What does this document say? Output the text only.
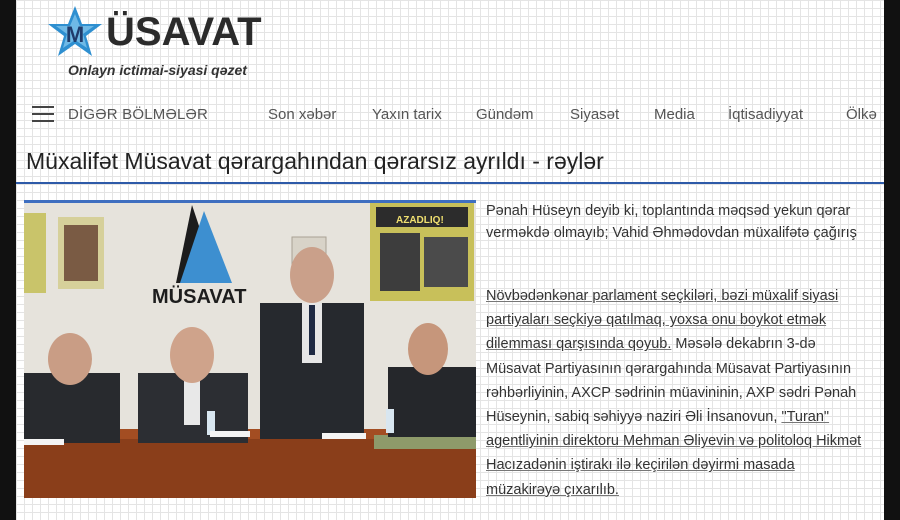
M ÜSAVAT
Onlayn ictimai-siyasi qəzet
DİGƏR BÖLMƏLƏR	Son xəbər Yaxın tarix Gündəm Siyasət Media İqtisadiyyat	Ölkə
Müxalifət Müsavat qərargahından qərarsız ayrıldı - rəylər
AZADLIQ!
MÜSAVAT
Pənah Hüseyn deyib ki, toplantında məqsəd yekun qərar verməkdə olmayıb; Vahid Əhmədovdan müxalifətə çağırış
Növbədənkənar parlament seçkiləri, bəzi müxalif siyasi partiyaları seçkiyə qatılmaq, yoxsa onu boykot etmək dilemması qarşısında qoyub. Məsələ dekabrın 3-də Müsavat Partiyasının qərargahında Müsavat Partiyasının rəhbərliyinin, AXCP sədrinin müavininin, AXP sədri Pənah Hüseynin, sabiq səhiyyə naziri Əli İnsanovun, "Turan" agentliyinin direktoru Mehman Əliyevin və politoloq Hikmət Hacızadənin iştirakı ilə keçirilən dəyirmi masada müzakirəyə çıxarılıb.
